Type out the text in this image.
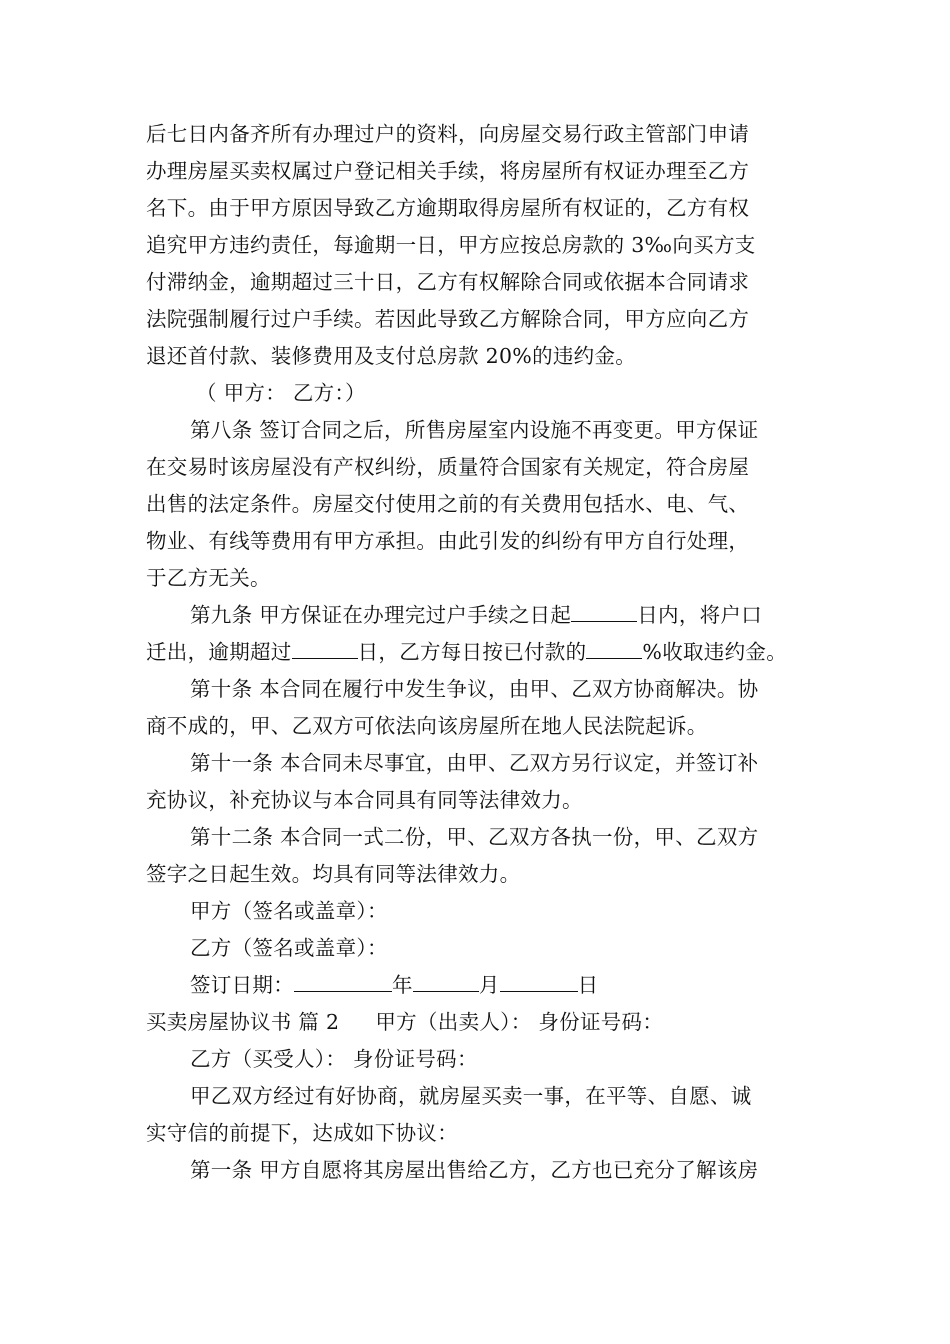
后七日内备齐所有办理过户的资料，向房屋交易行政主管部门申请
办理房屋买卖权属过户登记相关手续，将房屋所有权证办理至乙方
名下。由于甲方原因导致乙方逾期取得房屋所有权证的，乙方有权
追究甲方违约责任，每逾期一日，甲方应按总房款的 3‰向买方支
付滞纳金，逾期超过三十日，乙方有权解除合同或依据本合同请求
法院强制履行过户手续。若因此导致乙方解除合同，甲方应向乙方
退还首付款、装修费用及支付总房款 20%的违约金。
（ 甲方： 乙方：）
第八条 签订合同之后，所售房屋室内设施不再变更。甲方保证
在交易时该房屋没有产权纠纷，质量符合国家有关规定，符合房屋
出售的法定条件。房屋交付使用之前的有关费用包括水、电、气、
物业、有线等费用有甲方承担。由此引发的纠纷有甲方自行处理，
于乙方无关。
第九条 甲方保证在办理完过户手续之日起	日内，将户口
迁出，逾期超过	日，乙方每日按已付款的	%收取违约金。
第十条 本合同在履行中发生争议，由甲、乙双方协商解决。协
商不成的，甲、乙双方可依法向该房屋所在地人民法院起诉。
第十一条 本合同未尽事宜，由甲、乙双方另行议定，并签订补
充协议，补充协议与本合同具有同等法律效力。
第十二条 本合同一式二份，甲、乙双方各执一份，甲、乙双方
签字之日起生效。均具有同等法律效力。
甲方（签名或盖章）：
乙方（签名或盖章）：
签订日期：	年	月	日
买卖房屋协议书 篇 2 甲方（出卖人）： 身份证号码：
乙方（买受人）： 身份证号码：
甲乙双方经过有好协商，就房屋买卖一事，在平等、自愿、诚
实守信的前提下，达成如下协议：
第一条 甲方自愿将其房屋出售给乙方，乙方也已充分了解该房
